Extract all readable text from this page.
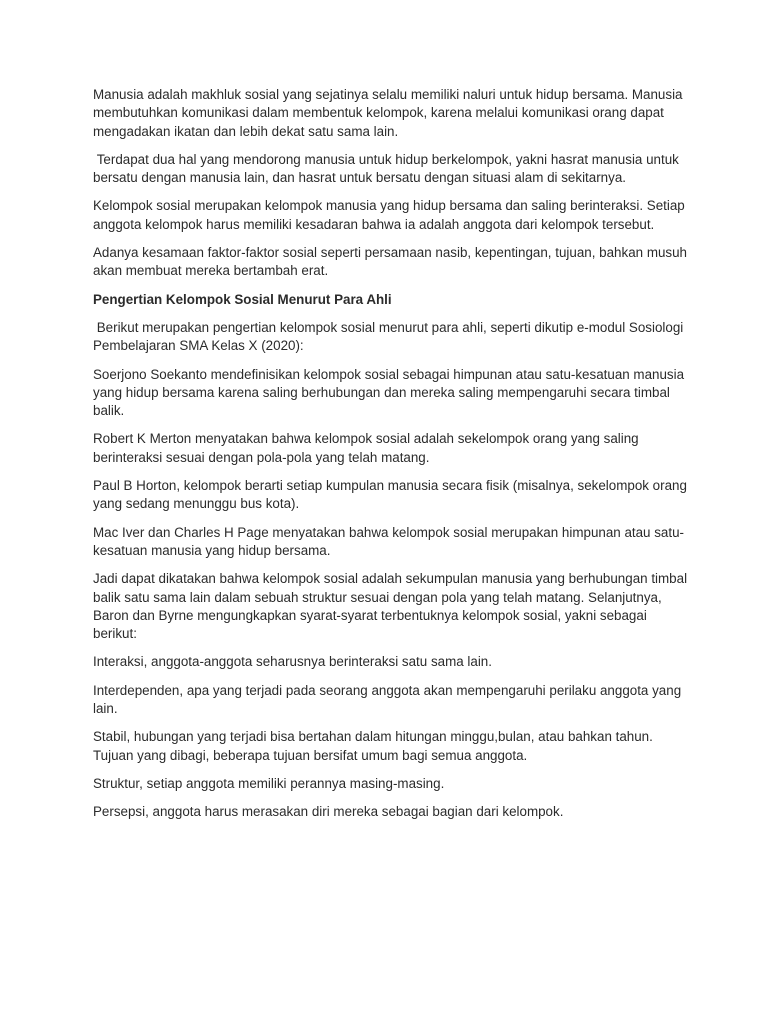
Manusia adalah makhluk sosial yang sejatinya selalu memiliki naluri untuk hidup bersama. Manusia membutuhkan komunikasi dalam membentuk kelompok, karena melalui komunikasi orang dapat mengadakan ikatan dan lebih dekat satu sama lain.

Terdapat dua hal yang mendorong manusia untuk hidup berkelompok, yakni hasrat manusia untuk bersatu dengan manusia lain, dan hasrat untuk bersatu dengan situasi alam di sekitarnya.

Kelompok sosial merupakan kelompok manusia yang hidup bersama dan saling berinteraksi. Setiap anggota kelompok harus memiliki kesadaran bahwa ia adalah anggota dari kelompok tersebut.

Adanya kesamaan faktor-faktor sosial seperti persamaan nasib, kepentingan, tujuan, bahkan musuh akan membuat mereka bertambah erat.

Pengertian Kelompok Sosial Menurut Para Ahli

Berikut merupakan pengertian kelompok sosial menurut para ahli, seperti dikutip e-modul Sosiologi Pembelajaran SMA Kelas X (2020):

Soerjono Soekanto mendefinisikan kelompok sosial sebagai himpunan atau satu-kesatuan manusia yang hidup bersama karena saling berhubungan dan mereka saling mempengaruhi secara timbal balik.

Robert K Merton menyatakan bahwa kelompok sosial adalah sekelompok orang yang saling berinteraksi sesuai dengan pola-pola yang telah matang.

Paul B Horton, kelompok berarti setiap kumpulan manusia secara fisik (misalnya, sekelompok orang yang sedang menunggu bus kota).

Mac Iver dan Charles H Page menyatakan bahwa kelompok sosial merupakan himpunan atau satu-kesatuan manusia yang hidup bersama.

Jadi dapat dikatakan bahwa kelompok sosial adalah sekumpulan manusia yang berhubungan timbal balik satu sama lain dalam sebuah struktur sesuai dengan pola yang telah matang. Selanjutnya, Baron dan Byrne mengungkapkan syarat-syarat terbentuknya kelompok sosial, yakni sebagai berikut:

Interaksi, anggota-anggota seharusnya berinteraksi satu sama lain.

Interdependen, apa yang terjadi pada seorang anggota akan mempengaruhi perilaku anggota yang lain.

Stabil, hubungan yang terjadi bisa bertahan dalam hitungan minggu,bulan, atau bahkan tahun. Tujuan yang dibagi, beberapa tujuan bersifat umum bagi semua anggota.

Struktur, setiap anggota memiliki perannya masing-masing.

Persepsi, anggota harus merasakan diri mereka sebagai bagian dari kelompok.
